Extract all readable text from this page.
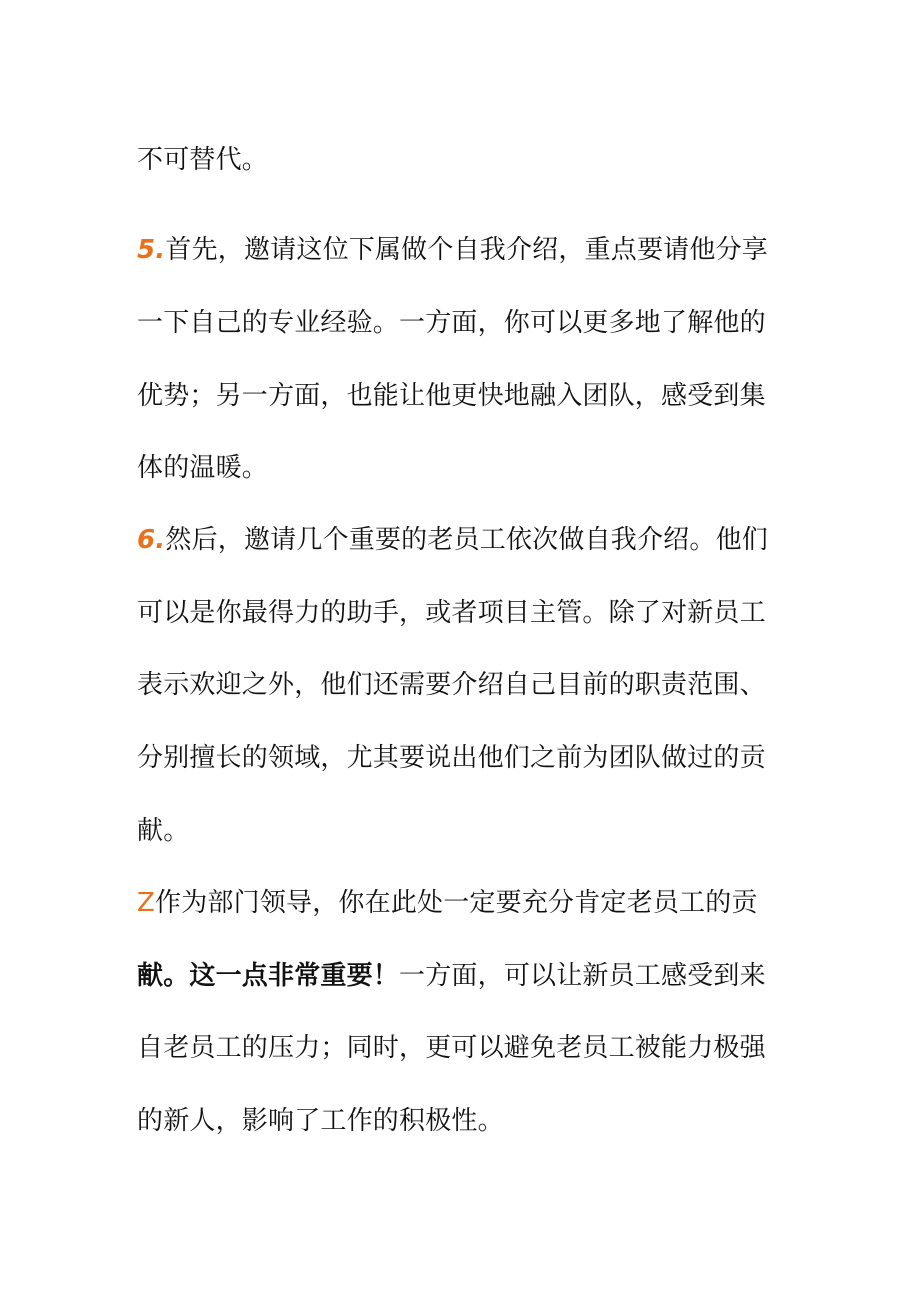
不可替代。
5.首先，邀请这位下属做个自我介绍，重点要请他分享
一下自己的专业经验。一方面，你可以更多地了解他的
优势；另一方面，也能让他更快地融入团队，感受到集
体的温暖。
6.然后，邀请几个重要的老员工依次做自我介绍。他们
可以是你最得力的助手，或者项目主管。除了对新员工
表示欢迎之外，他们还需要介绍自己目前的职责范围、
分别擅长的领域，尤其要说出他们之前为团队做过的贡
献。
Z作为部门领导，你在此处一定要充分肯定老员工的贡
献。这一点非常重要！一方面，可以让新员工感受到来
自老员工的压力；同时，更可以避免老员工被能力极强
的新人，影响了工作的积极性。
